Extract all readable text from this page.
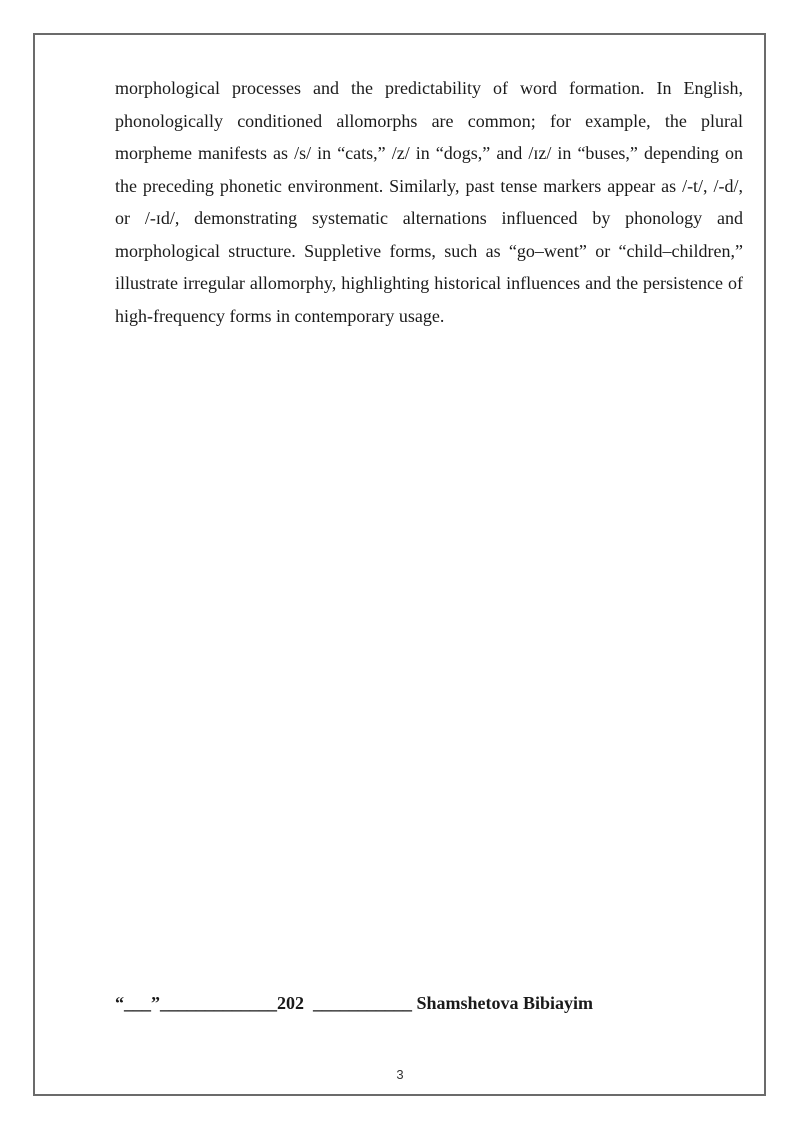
morphological processes and the predictability of word formation. In English, phonologically conditioned allomorphs are common; for example, the plural morpheme manifests as /s/ in “cats,” /z/ in “dogs,” and /ɪz/ in “buses,” depending on the preceding phonetic environment. Similarly, past tense markers appear as /-t/, /-d/, or /-ɪd/, demonstrating systematic alternations influenced by phonology and morphological structure. Suppletive forms, such as “go–went” or “child–children,” illustrate irregular allomorphy, highlighting historical influences and the persistence of high-frequency forms in contemporary usage.

“___”_____________202  ___________ Shamshetova Bibiayim
3
